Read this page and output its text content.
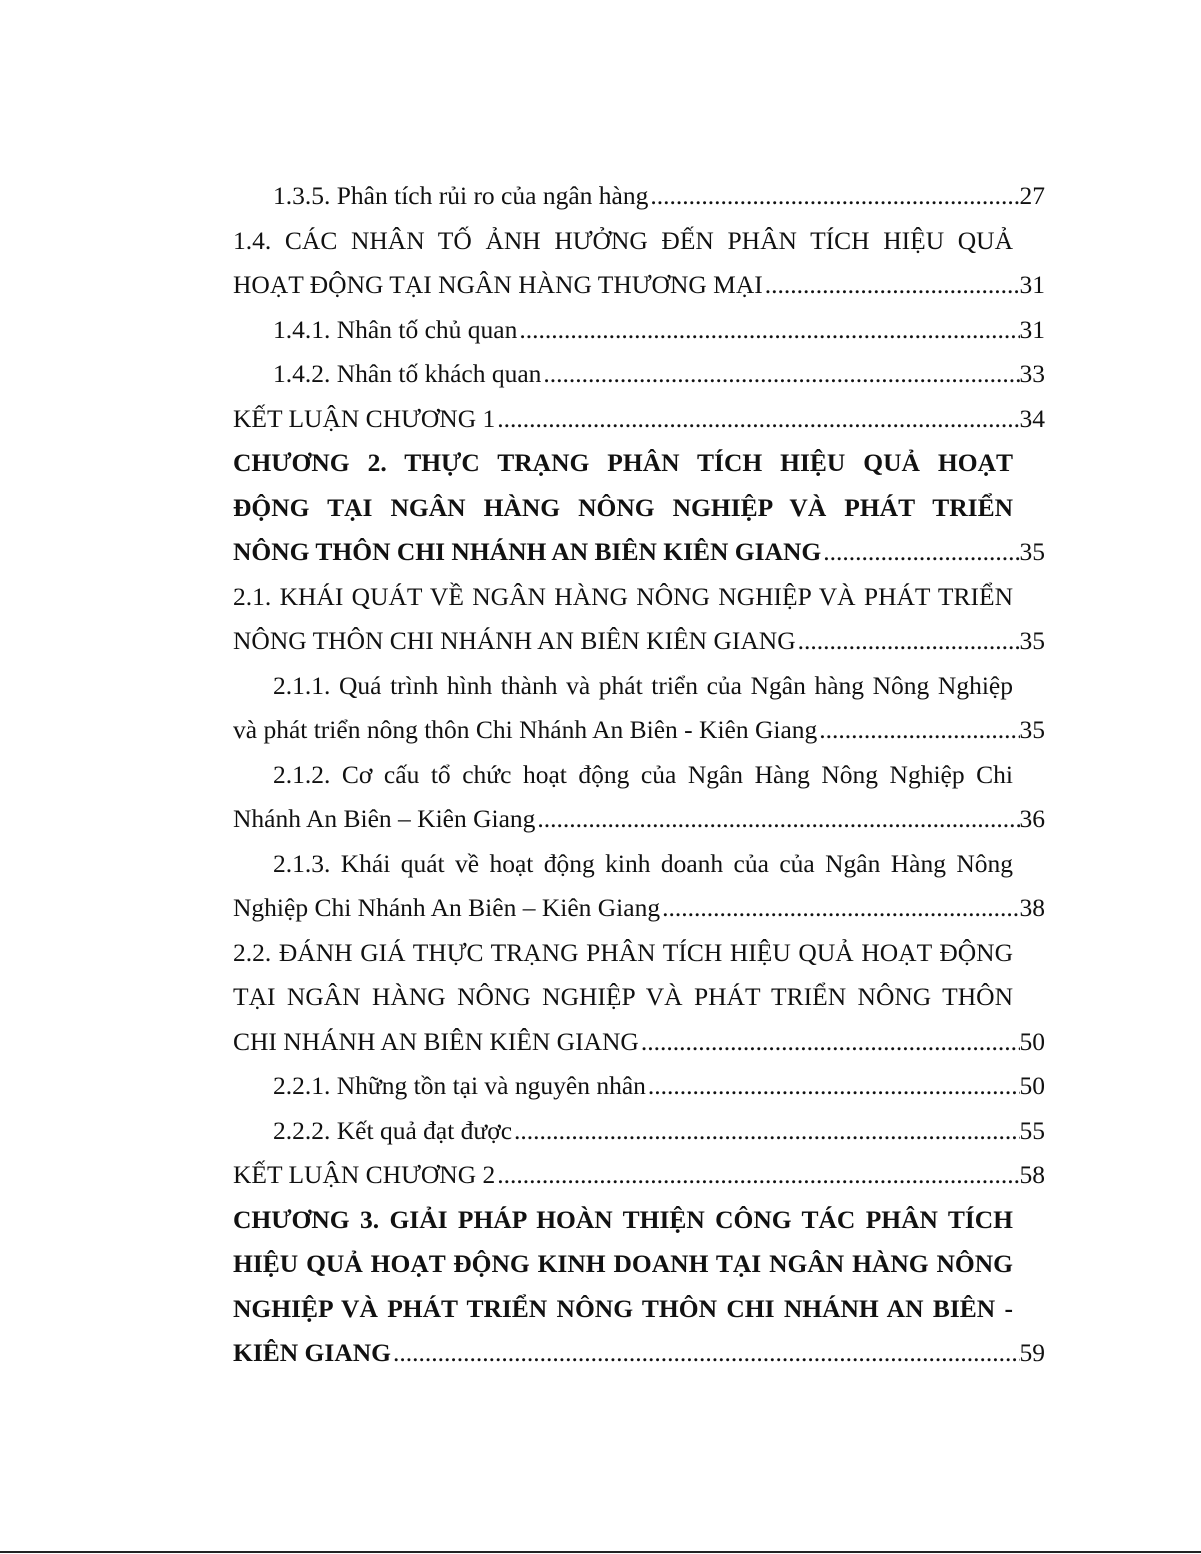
1.3.5. Phân tích rủi ro của ngân hàng .....	27
1.4. CÁC NHÂN TỐ ẢNH HƯỞNG ĐẾN PHÂN TÍCH HIỆU QUẢ
HOẠT ĐỘNG TẠI NGÂN HÀNG THƯƠNG MẠI .....	31
1.4.1. Nhân tố chủ quan .....	31
1.4.2. Nhân tố khách quan .....	33
KẾT LUẬN CHƯƠNG 1 .....	34
CHƯƠNG 2. THỰC TRẠNG PHÂN TÍCH HIỆU QUẢ HOẠT
ĐỘNG TẠI NGÂN HÀNG NÔNG NGHIỆP VÀ PHÁT TRIỂN
NÔNG THÔN CHI NHÁNH AN BIÊN KIÊN GIANG .....	35
2.1. KHÁI QUÁT VỀ NGÂN HÀNG NÔNG NGHIỆP VÀ PHÁT TRIỂN
NÔNG THÔN CHI NHÁNH AN BIÊN KIÊN GIANG .....	35
2.1.1. Quá trình hình thành và phát triển của Ngân hàng Nông Nghiệp
và phát triển nông thôn Chi Nhánh An Biên - Kiên Giang .....	35
2.1.2. Cơ cấu tổ chức hoạt động của Ngân Hàng Nông Nghiệp Chi
Nhánh An Biên – Kiên Giang .....	36
2.1.3. Khái quát về hoạt động kinh doanh của của Ngân Hàng Nông
Nghiệp Chi Nhánh An Biên – Kiên Giang .....	38
2.2. ĐÁNH GIÁ THỰC TRẠNG PHÂN TÍCH HIỆU QUẢ HOẠT ĐỘNG
TẠI NGÂN HÀNG NÔNG NGHIỆP VÀ PHÁT TRIỂN NÔNG THÔN
CHI NHÁNH AN BIÊN KIÊN GIANG .....	50
2.2.1. Những tồn tại và nguyên nhân .....	50
2.2.2. Kết quả đạt được .....	55
KẾT LUẬN CHƯƠNG 2 .....	58
CHƯƠNG 3. GIẢI PHÁP HOÀN THIỆN CÔNG TÁC PHÂN TÍCH
HIỆU QUẢ HOẠT ĐỘNG KINH DOANH TẠI NGÂN HÀNG NÔNG
NGHIỆP VÀ PHÁT TRIỂN NÔNG THÔN CHI NHÁNH AN BIÊN -
KIÊN GIANG .....	59
